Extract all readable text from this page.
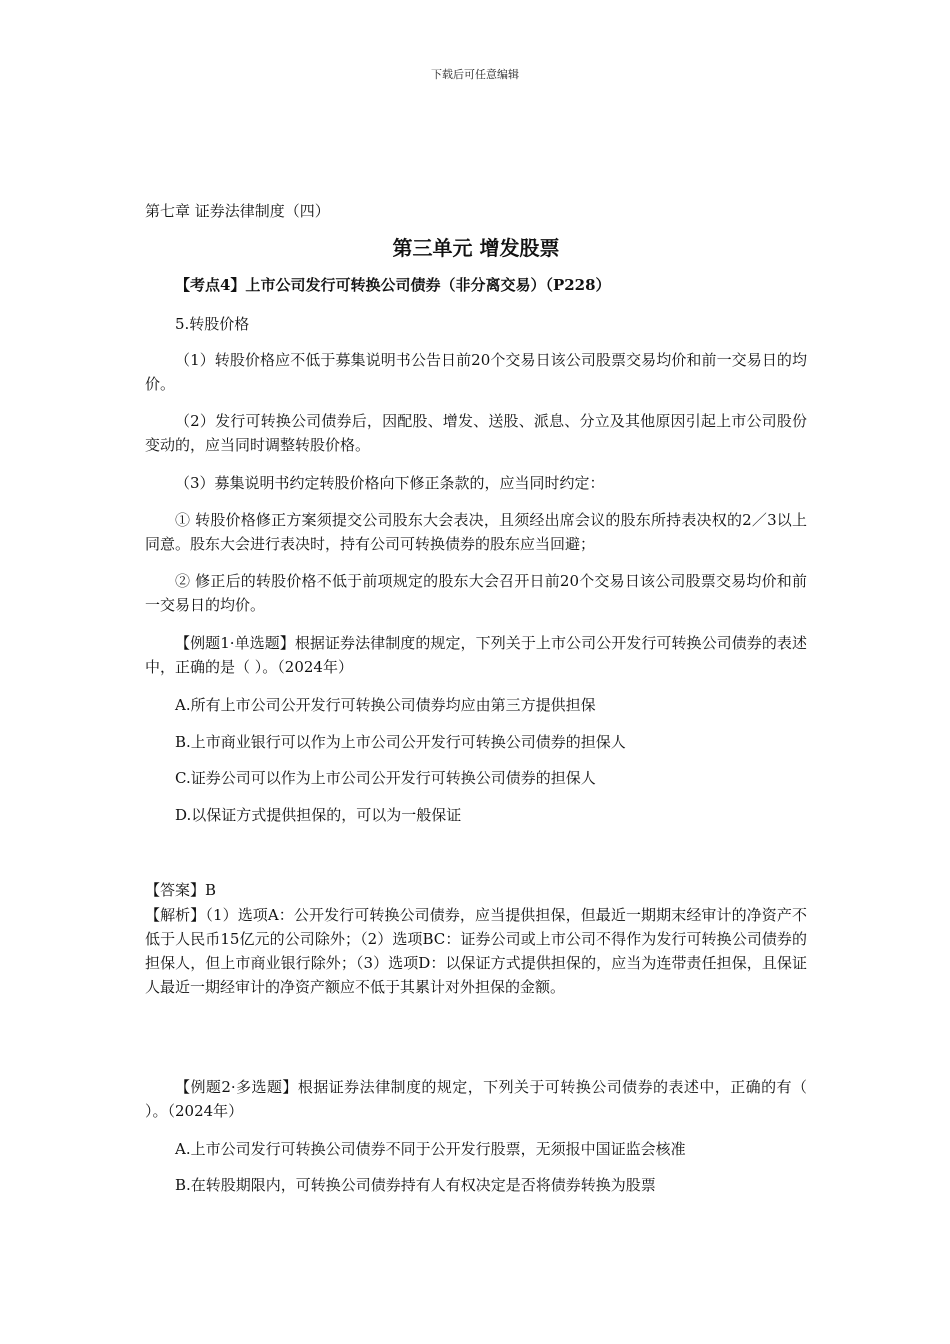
下载后可任意编辑

第七章 证券法律制度（四）

第三单元 增发股票

【考点4】上市公司发行可转换公司债券（非分离交易）（P228）

5.转股价格

（1）转股价格应不低于募集说明书公告日前20个交易日该公司股票交易均价和前一交易日的均价。

（2）发行可转换公司债券后，因配股、增发、送股、派息、分立及其他原因引起上市公司股份变动的，应当同时调整转股价格。

（3）募集说明书约定转股价格向下修正条款的，应当同时约定：

① 转股价格修正方案须提交公司股东大会表决，且须经出席会议的股东所持表决权的2／3以上同意。股东大会进行表决时，持有公司可转换债券的股东应当回避；

② 修正后的转股价格不低于前项规定的股东大会召开日前20个交易日该公司股票交易均价和前一交易日的均价。

【例题1·单选题】根据证券法律制度的规定，下列关于上市公司公开发行可转换公司债券的表述中，正确的是（ ）。（2024年）

A.所有上市公司公开发行可转换公司债券均应由第三方提供担保

B.上市商业银行可以作为上市公司公开发行可转换公司债券的担保人

C.证券公司可以作为上市公司公开发行可转换公司债券的担保人

D.以保证方式提供担保的，可以为一般保证

【答案】B

【解析】（1）选项A：公开发行可转换公司债券，应当提供担保，但最近一期期末经审计的净资产不低于人民币15亿元的公司除外；（2）选项BC：证券公司或上市公司不得作为发行可转换公司债券的担保人，但上市商业银行除外；（3）选项D：以保证方式提供担保的，应当为连带责任担保，且保证人最近一期经审计的净资产额应不低于其累计对外担保的金额。

【例题2·多选题】根据证券法律制度的规定，下列关于可转换公司债券的表述中，正确的有（ ）。（2024年）

A.上市公司发行可转换公司债券不同于公开发行股票，无须报中国证监会核准

B.在转股期限内，可转换公司债券持有人有权决定是否将债券转换为股票
